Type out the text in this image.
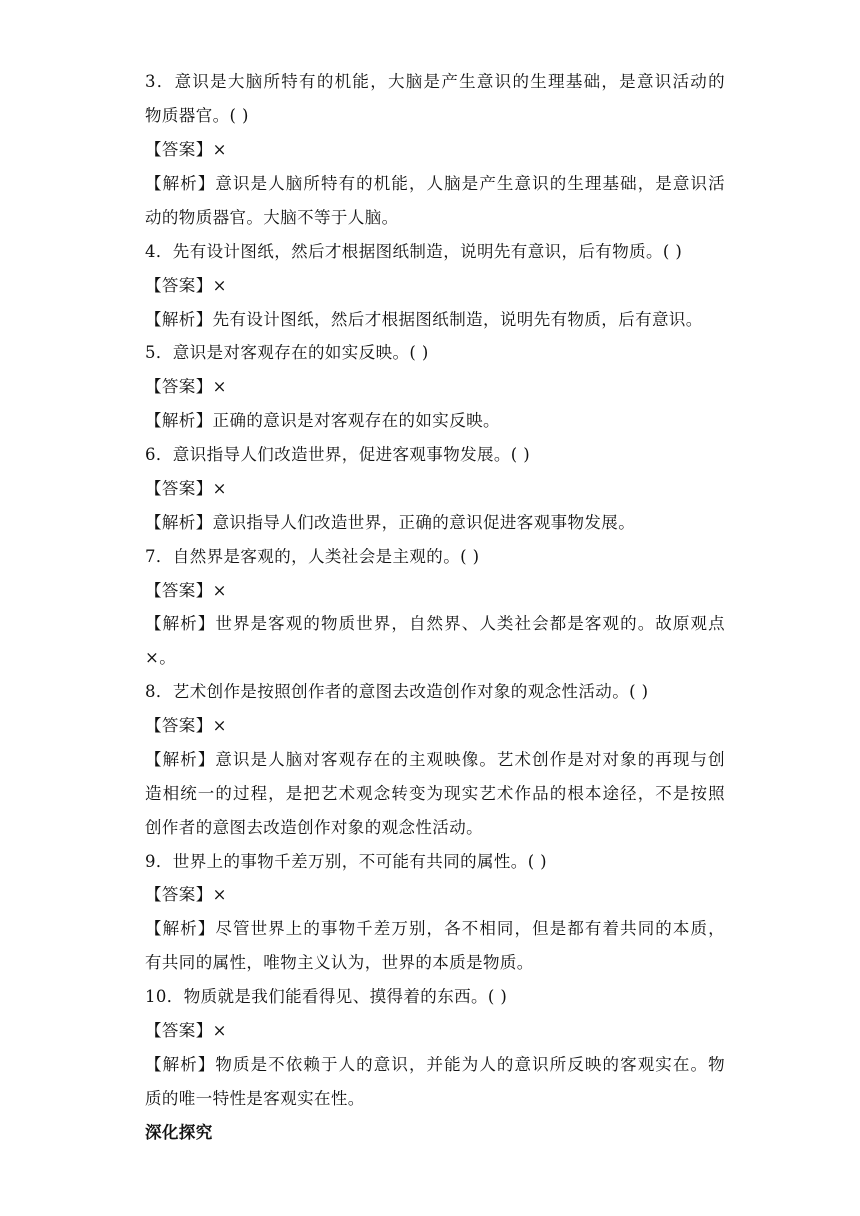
3．意识是大脑所特有的机能，大脑是产生意识的生理基础，是意识活动的
物质器官。( )
【答案】×
【解析】意识是人脑所特有的机能，人脑是产生意识的生理基础，是意识活
动的物质器官。大脑不等于人脑。
4．先有设计图纸，然后才根据图纸制造，说明先有意识，后有物质。( )
【答案】×
【解析】先有设计图纸，然后才根据图纸制造，说明先有物质，后有意识。
5．意识是对客观存在的如实反映。( )
【答案】×
【解析】正确的意识是对客观存在的如实反映。
6．意识指导人们改造世界，促进客观事物发展。( )
【答案】×
【解析】意识指导人们改造世界，正确的意识促进客观事物发展。
7．自然界是客观的，人类社会是主观的。( )
【答案】×
【解析】世界是客观的物质世界，自然界、人类社会都是客观的。故原观点
×。
8．艺术创作是按照创作者的意图去改造创作对象的观念性活动。( )
【答案】×
【解析】意识是人脑对客观存在的主观映像。艺术创作是对对象的再现与创
造相统一的过程，是把艺术观念转变为现实艺术作品的根本途径，不是按照
创作者的意图去改造创作对象的观念性活动。
9．世界上的事物千差万别，不可能有共同的属性。( )
【答案】×
【解析】尽管世界上的事物千差万别，各不相同，但是都有着共同的本质，
有共同的属性，唯物主义认为，世界的本质是物质。
10．物质就是我们能看得见、摸得着的东西。( )
【答案】×
【解析】物质是不依赖于人的意识，并能为人的意识所反映的客观实在。物
质的唯一特性是客观实在性。
深化探究
